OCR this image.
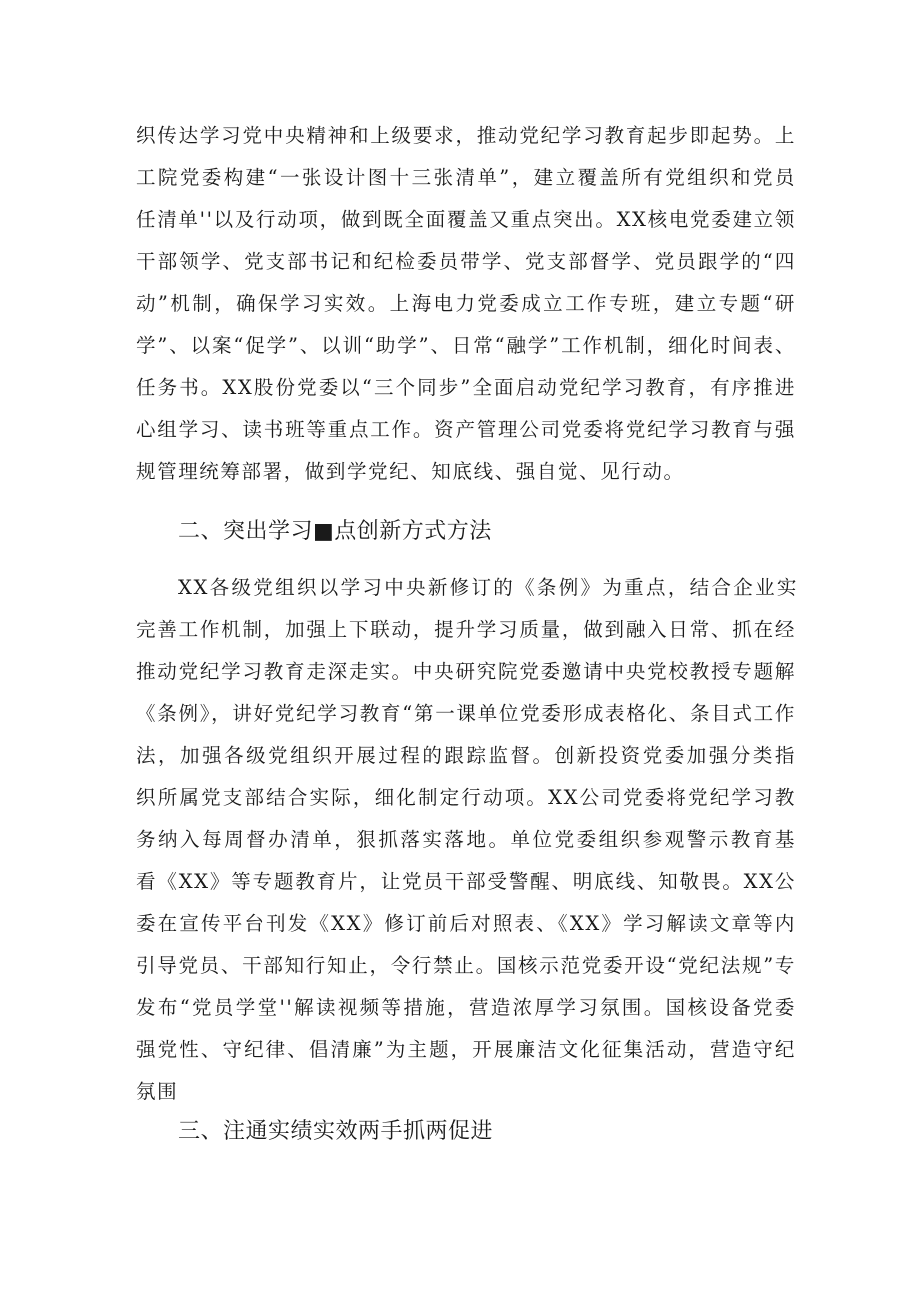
织传达学习党中央精神和上级要求，推动党纪学习教育起步即起势。上
工院党委构建“一张设计图十三张清单”，建立覆盖所有党组织和党员
任清单''以及行动项，做到既全面覆盖又重点突出。XX核电党委建立领
干部领学、党支部书记和纪检委员带学、党支部督学、党员跟学的“四
动”机制，确保学习实效。上海电力党委成立工作专班，建立专题“研
学”、以案“促学”、以训“助学”、日常“融学”工作机制，细化时间表、
任务书。XX股份党委以“三个同步”全面启动党纪学习教育，有序推进
心组学习、读书班等重点工作。资产管理公司党委将党纪学习教育与强
规管理统筹部署，做到学党纪、知底线、强自觉、见行动。
二、突出学习■点创新方式方法
XX各级党组织以学习中央新修订的《条例》为重点，结合企业实
完善工作机制，加强上下联动，提升学习质量，做到融入日常、抓在经
推动党纪学习教育走深走实。中央研究院党委邀请中央党校教授专题解
《条例》，讲好党纪学习教育“第一课单位党委形成表格化、条目式工作
法，加强各级党组织开展过程的跟踪监督。创新投资党委加强分类指
织所属党支部结合实际，细化制定行动项。XX公司党委将党纪学习教
务纳入每周督办清单，狠抓落实落地。单位党委组织参观警示教育基
看《XX》等专题教育片，让党员干部受警醒、明底线、知敬畏。XX公
委在宣传平台刊发《XX》修订前后对照表、《XX》学习解读文章等内
引导党员、干部知行知止，令行禁止。国核示范党委开设“党纪法规”专
发布“党员学堂''解读视频等措施，营造浓厚学习氛围。国核设备党委
强党性、守纪律、倡清廉”为主题，开展廉洁文化征集活动，营造守纪
氛围
三、注通实绩实效两手抓两促进
